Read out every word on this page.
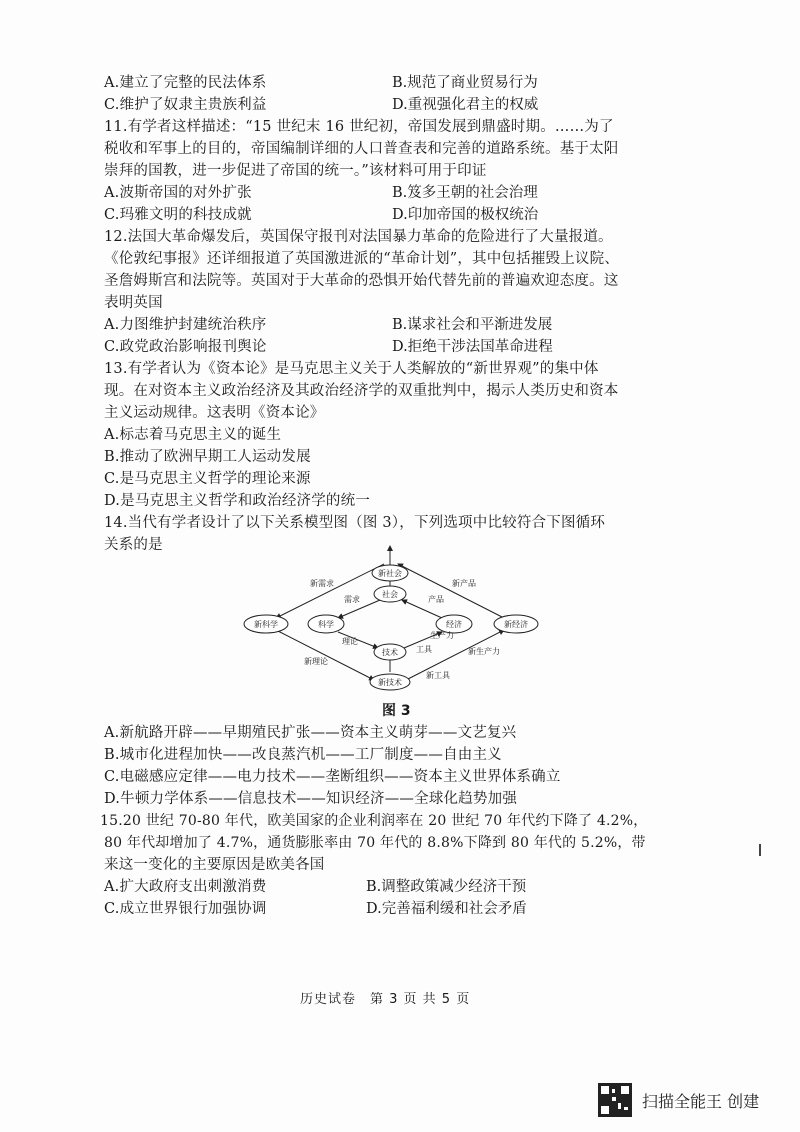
A.建立了完整的民法体系	B.规范了商业贸易行为
C.维护了奴隶主贵族利益	D.重视强化君主的权威
11.有学者这样描述：“15 世纪末 16 世纪初，帝国发展到鼎盛时期。……为了
税收和军事上的目的，帝国编制详细的人口普查表和完善的道路系统。基于太阳
崇拜的国教，进一步促进了帝国的统一。”该材料可用于印证
A.波斯帝国的对外扩张	B.笈多王朝的社会治理
C.玛雅文明的科技成就	D.印加帝国的极权统治
12.法国大革命爆发后，英国保守报刊对法国暴力革命的危险进行了大量报道。
《伦敦纪事报》还详细报道了英国激进派的“革命计划”，其中包括摧毁上议院、
圣詹姆斯宫和法院等。英国对于大革命的恐惧开始代替先前的普遍欢迎态度。这
表明英国
A.力图维护封建统治秩序	B.谋求社会和平渐进发展
C.政党政治影响报刊舆论	D.拒绝干涉法国革命进程
13.有学者认为《资本论》是马克思主义关于人类解放的“新世界观”的集中体
现。在对资本主义政治经济及其政治经济学的双重批判中，揭示人类历史和资本
主义运动规律。这表明《资本论》
A.标志着马克思主义的诞生
B.推动了欧洲早期工人运动发展
C.是马克思主义哲学的理论来源
D.是马克思主义哲学和政治经济学的统一
14.当代有学者设计了以下关系模型图（图 3），下列选项中比较符合下图循环
关系的是
新社会
社会
新科学	科学	经济	新经济
技术
新技术
新需求
需求	产品
新产品
理论
生产力
工具
新理论
新生产力
新工具
图 3
A.新航路开辟——早期殖民扩张——资本主义萌芽——文艺复兴
B.城市化进程加快——改良蒸汽机——工厂制度——自由主义
C.电磁感应定律——电力技术——垄断组织——资本主义世界体系确立
D.牛顿力学体系——信息技术——知识经济——全球化趋势加强
15.20 世纪 70-80 年代，欧美国家的企业利润率在 20 世纪 70 年代约下降了 4.2%，
80 年代却增加了 4.7%，通货膨胀率由 70 年代的 8.8%下降到 80 年代的 5.2%，带
来这一变化的主要原因是欧美各国
A.扩大政府支出刺激消费	B.调整政策减少经济干预
C.成立世界银行加强协调	D.完善福利缓和社会矛盾
历史试卷　第 3 页 共 5 页
扫描全能王 创建
